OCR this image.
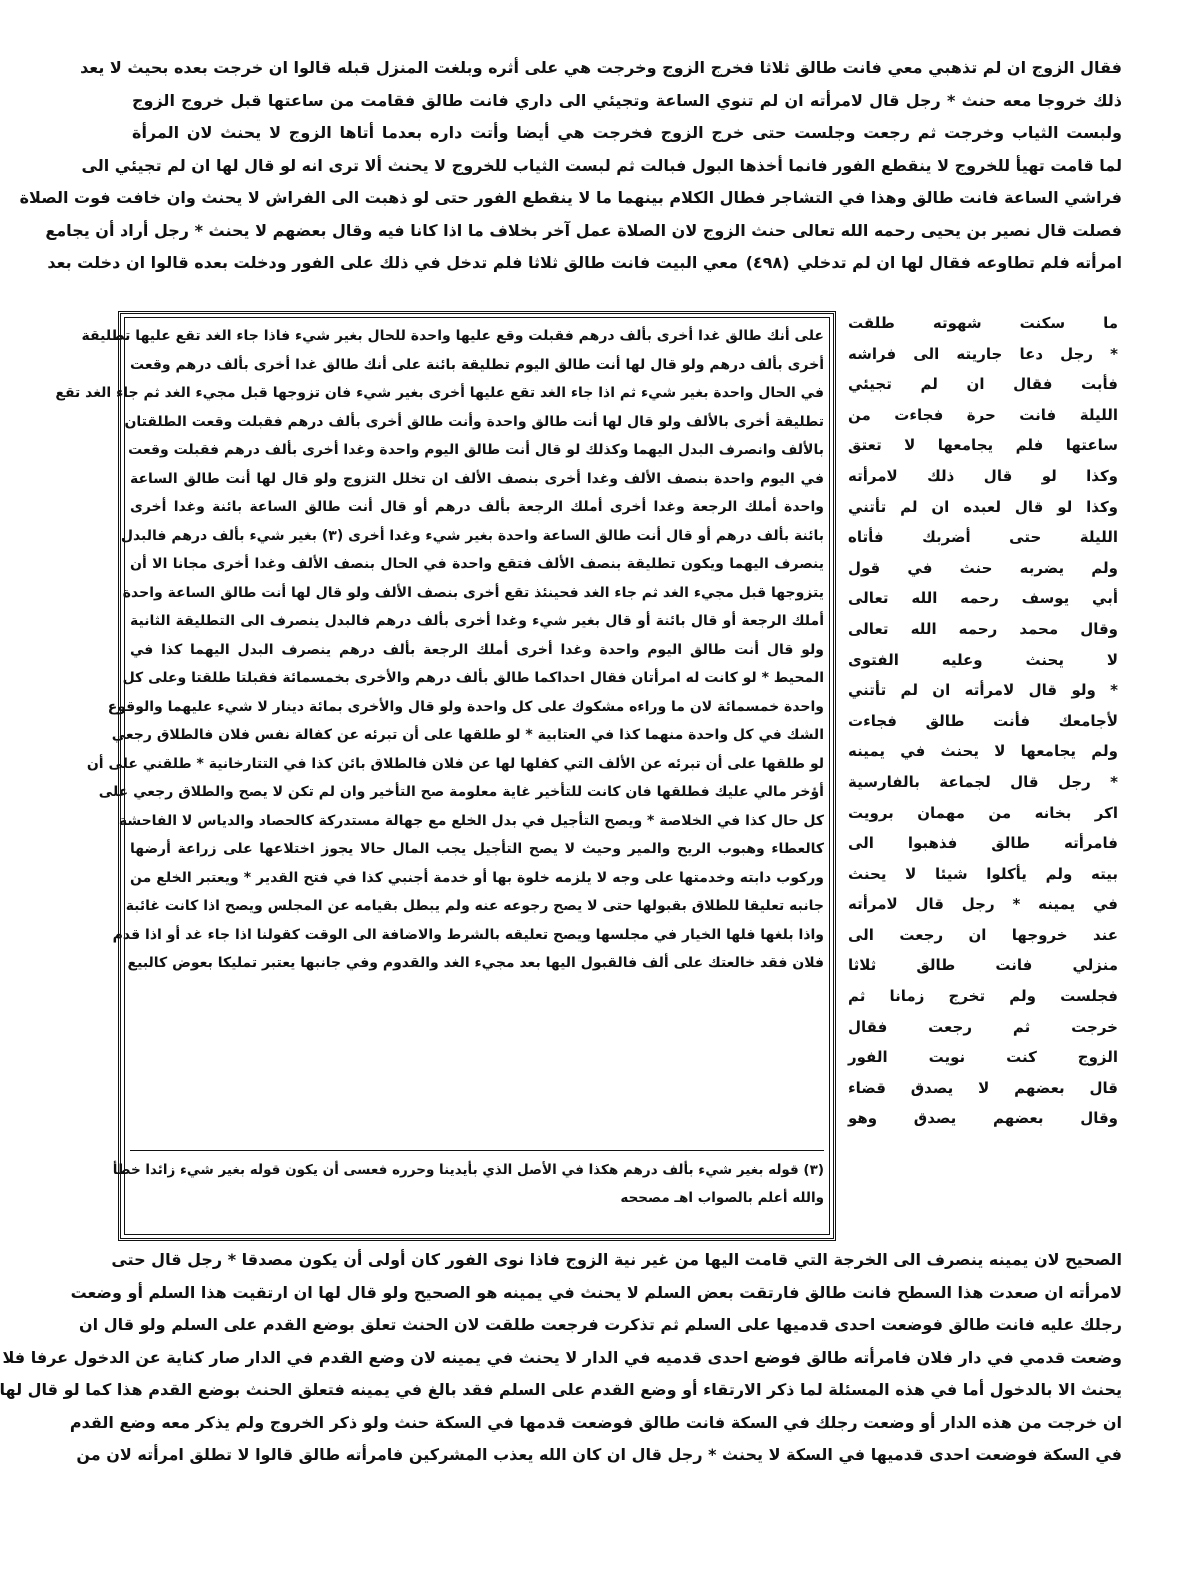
فقال الزوج ان لم تذهبي معي فانت طالق ثلاثا فخرج الزوج وخرجت هي على أثره وبلغت المنزل قبله قالوا ان خرجت بعده بحيث لا يعد
ذلك خروجا معه حنث * رجل قال لامرأته ان لم تنوي الساعة وتجيئي الى داري فانت طالق فقامت من ساعتها قبل خروج الزوج
ولبست الثياب وخرجت ثم رجعت وجلست حتى خرج الزوج فخرجت هي أيضا وأتت داره بعدما أتاها الزوج لا يحنث لان المرأة
لما قامت تهيأ للخروج لا ينقطع الفور فانما أخذها البول فبالت ثم لبست الثياب للخروج لا يحنث ألا ترى انه لو قال لها ان لم تجيئي الى
فراشي الساعة فانت طالق وهذا في التشاجر فطال الكلام بينهما ما لا ينقطع الفور حتى لو ذهبت الى الفراش لا يحنث وان خافت فوت الصلاة
فصلت قال نصير بن يحيى رحمه الله تعالى حنث الزوج لان الصلاة عمل آخر بخلاف ما اذا كانا فيه وقال بعضهم لا يحنث * رجل أراد أن يجامع
امرأته فلم تطاوعه فقال لها ان لم تدخلي (٤٩٨) معي البيت فانت طالق ثلاثا فلم تدخل في ذلك على الفور ودخلت بعده قالوا ان دخلت بعد
ما سكنت شهوته طلقت
* رجل دعا جاريته الى فراشه
فأبت فقال ان لم تجيئي
الليلة فانت حرة فجاءت من
ساعتها فلم يجامعها لا تعتق
وكذا لو قال ذلك لامرأته
وكذا لو قال لعبده ان لم تأتني
الليلة حتى أضربك فأتاه
ولم يضربه حنث في قول
أبي يوسف رحمه الله تعالى
وقال محمد رحمه الله تعالى
لا يحنث وعليه الفتوى
* ولو قال لامرأته ان لم تأتني
لأجامعك فأنت طالق فجاءت
ولم يجامعها لا يحنث في يمينه
* رجل قال لجماعة بالفارسية
اكر بخانه من مهمان برويت
فامرأته طالق فذهبوا الى
بيته ولم يأكلوا شيئا لا يحنث
في يمينه * رجل قال لامرأته
عند خروجها ان رجعت الى
منزلي فانت طالق ثلاثا
فجلست ولم تخرج زمانا ثم
خرجت ثم رجعت فقال
الزوج كنت نويت الفور
قال بعضهم لا يصدق قضاء
وقال بعضهم يصدق وهو
على أنك طالق غدا أخرى بألف درهم فقبلت وقع عليها واحدة للحال بغير شيء فاذا جاء الغد تقع عليها تطليقة
أخرى بألف درهم ولو قال لها أنت طالق اليوم تطليقة بائنة على أنك طالق غدا أخرى بألف درهم وقعت
في الحال واحدة بغير شيء ثم اذا جاء الغد تقع عليها أخرى بغير شيء فان تزوجها قبل مجيء الغد ثم جاء الغد تقع
تطليقة أخرى بالألف ولو قال لها أنت طالق واحدة وأنت طالق أخرى بألف درهم فقبلت وقعت الطلقتان
بالألف وانصرف البدل اليهما وكذلك لو قال أنت طالق اليوم واحدة وغدا أخرى بألف درهم فقبلت وقعت
في اليوم واحدة بنصف الألف وغدا أخرى بنصف الألف ان تخلل التزوج ولو قال لها أنت طالق الساعة
واحدة أملك الرجعة وغدا أخرى أملك الرجعة بألف درهم أو قال أنت طالق الساعة بائنة وغدا أخرى
بائنة بألف درهم أو قال أنت طالق الساعة واحدة بغير شيء وغدا أخرى (٣) بغير شيء بألف درهم فالبدل
ينصرف اليهما ويكون تطليقة بنصف الألف فتقع واحدة في الحال بنصف الألف وغدا أخرى مجانا الا أن
يتزوجها قبل مجيء الغد ثم جاء الغد فحينئذ تقع أخرى بنصف الألف ولو قال لها أنت طالق الساعة واحدة
أملك الرجعة أو قال بائنة أو قال بغير شيء وغدا أخرى بألف درهم فالبدل ينصرف الى التطليقة الثانية
ولو قال أنت طالق اليوم واحدة وغدا أخرى أملك الرجعة بألف درهم ينصرف البدل اليهما كذا في
المحيط * لو كانت له امرأتان فقال احداكما طالق بألف درهم والأخرى بخمسمائة فقبلتا طلقتا وعلى كل
واحدة خمسمائة لان ما وراءه مشكوك على كل واحدة ولو قال والأخرى بمائة دينار لا شيء عليهما والوقوع
الشك في كل واحدة منهما كذا في العتابية * لو طلقها على أن تبرئه عن كفالة نفس فلان فالطلاق رجعي
لو طلقها على أن تبرئه عن الألف التي كفلها لها عن فلان فالطلاق بائن كذا في التتارخانية * طلقني على أن
أؤخر مالي عليك فطلقها فان كانت للتأخير غاية معلومة صح التأخير وان لم تكن لا يصح والطلاق رجعي على
كل حال كذا في الخلاصة * ويصح التأجيل في بدل الخلع مع جهالة مستدركة كالحصاد والدياس لا الفاحشة
كالعطاء وهبوب الريح والمير وحيث لا يصح التأجيل يجب المال حالا يجوز اختلاعها على زراعة أرضها
وركوب دابته وخدمتها على وجه لا يلزمه خلوة بها أو خدمة أجنبي كذا في فتح القدير * ويعتبر الخلع من
جانبه تعليقا للطلاق بقبولها حتى لا يصح رجوعه عنه ولم يبطل بقيامه عن المجلس ويصح اذا كانت غائبة
واذا بلغها فلها الخيار في مجلسها ويصح تعليقه بالشرط والاضافة الى الوقت كقولنا اذا جاء غد أو اذا قدم
فلان فقد خالعتك على ألف فالقبول اليها بعد مجيء الغد والقدوم وفي جانبها يعتبر تمليكا بعوض كالبيع
(٣) قوله بغير شيء بألف درهم هكذا في الأصل الذي بأيدينا وحرره فعسى أن يكون قوله بغير شيء زائدا خطأ
والله أعلم بالصواب اهـ مصححه
الصحيح لان يمينه ينصرف الى الخرجة التي قامت اليها من غير نية الزوج فاذا نوى الفور كان أولى أن يكون مصدقا * رجل قال حتى
لامرأته ان صعدت هذا السطح فانت طالق فارتقت بعض السلم لا يحنث في يمينه هو الصحيح ولو قال لها ان ارتقيت هذا السلم أو وضعت
رجلك عليه فانت طالق فوضعت احدى قدميها على السلم ثم تذكرت فرجعت طلقت لان الحنث تعلق بوضع القدم على السلم ولو قال ان
وضعت قدمي في دار فلان فامرأته طالق فوضع احدى قدميه في الدار لا يحنث في يمينه لان وضع القدم في الدار صار كناية عن الدخول عرفا فلا
يحنث الا بالدخول أما في هذه المسئلة لما ذكر الارتقاء أو وضع القدم على السلم فقد بالغ في يمينه فتعلق الحنث بوضع القدم هذا كما لو قال لها
ان خرجت من هذه الدار أو وضعت رجلك في السكة فانت طالق فوضعت قدمها في السكة حنث ولو ذكر الخروج ولم يذكر معه وضع القدم
في السكة فوضعت احدى قدميها في السكة لا يحنث * رجل قال ان كان الله يعذب المشركين فامرأته طالق قالوا لا تطلق امرأته لان من
